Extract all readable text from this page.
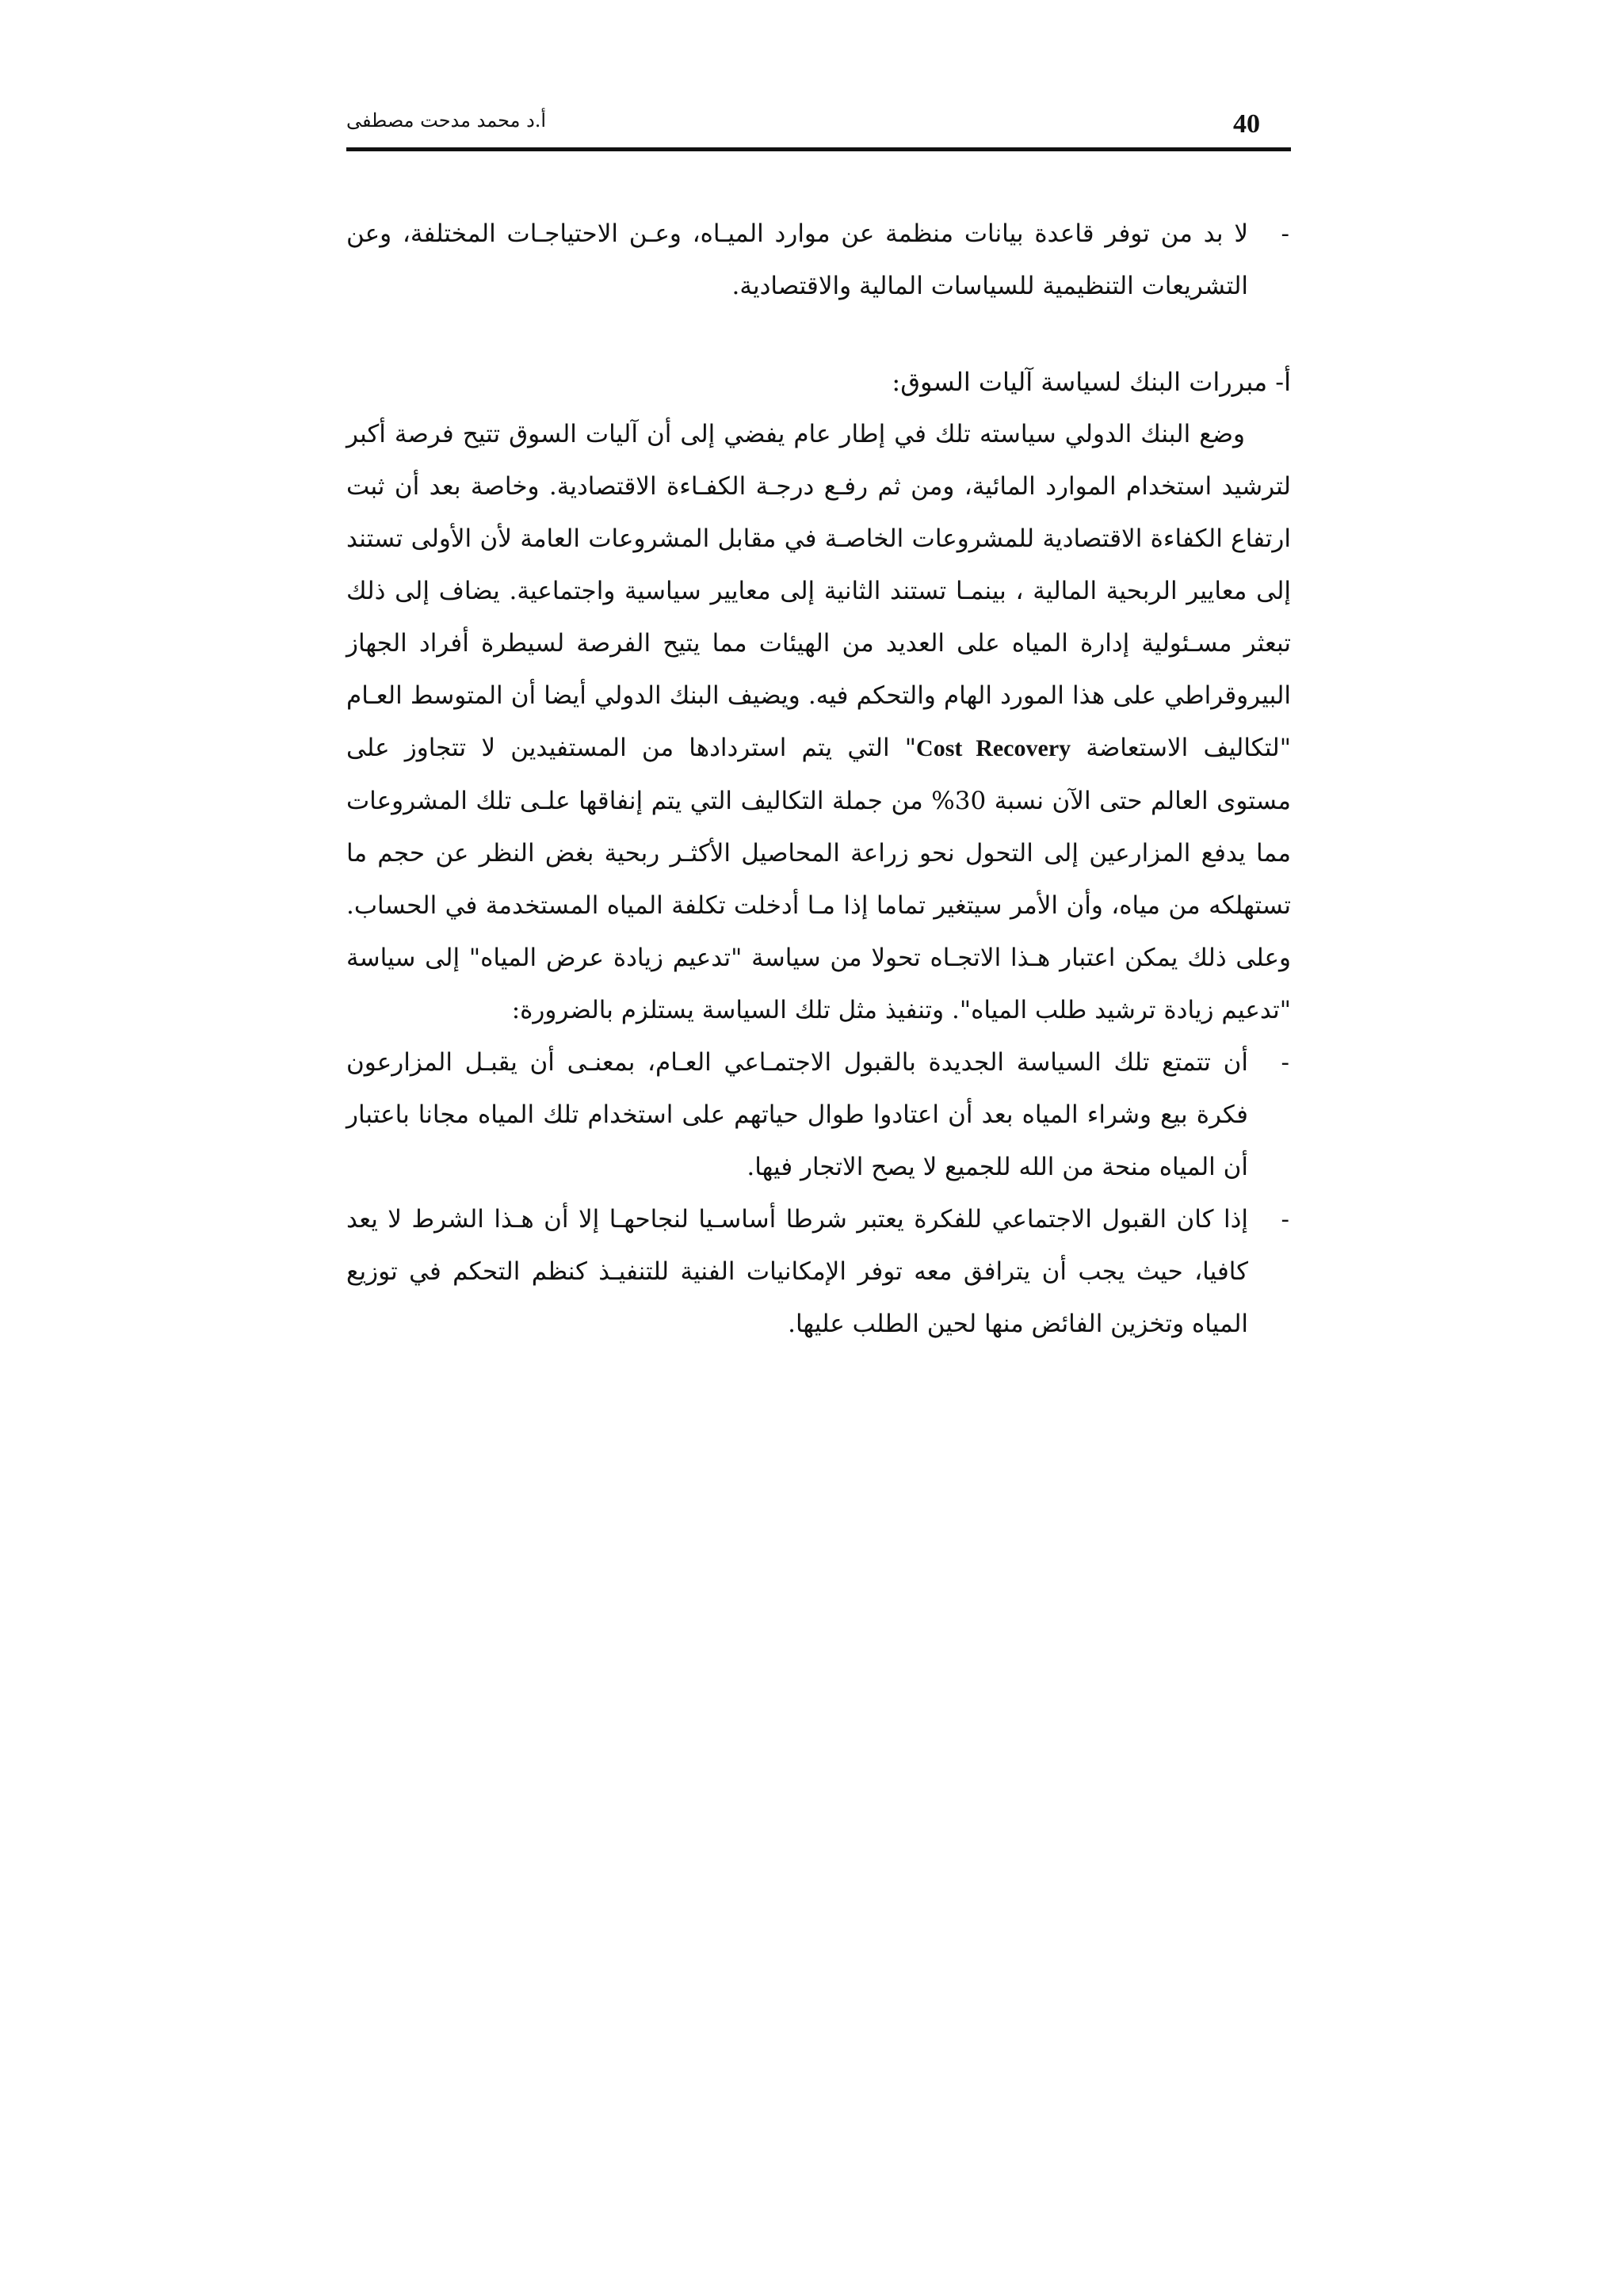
40
أ.د محمد مدحت مصطفى

-
لا بد من توفر قاعدة بيانات منظمة عن موارد الميـاه، وعـن الاحتياجـات المختلفة، وعن التشريعات التنظيمية للسياسات المالية والاقتصادية.

أ- مبررات البنك لسياسة آليات السوق:

وضع البنك الدولي سياسته تلك في إطار عام يفضي إلى أن آليات السوق تتيح فرصة أكبر لترشيد استخدام الموارد المائية، ومن ثم رفـع درجـة الكفـاءة الاقتصادية. وخاصة بعد أن ثبت ارتفاع الكفاءة الاقتصادية للمشروعات الخاصـة في مقابل المشروعات العامة لأن الأولى تستند إلى معايير الربحية المالية ، بينمـا تستند الثانية إلى معايير سياسية واجتماعية. يضاف إلى ذلك تبعثر مسـئولية إدارة المياه على العديد من الهيئات مما يتيح الفرصة لسيطرة أفراد الجهاز البيروقراطي على هذا المورد الهام والتحكم فيه. ويضيف البنك الدولي أيضا أن المتوسط العـام "لتكاليف الاستعاضة Cost Recovery" التي يتم استردادها من المستفيدين لا تتجاوز على مستوى العالم حتى الآن نسبة 30% من جملة التكاليف التي يتم إنفاقها علـى تلك المشروعات مما يدفع المزارعين إلى التحول نحو زراعة المحاصيل الأكثـر ربحية بغض النظر عن حجم ما تستهلكه من مياه، وأن الأمر سيتغير تماما إذا مـا أدخلت تكلفة المياه المستخدمة في الحساب. وعلى ذلك يمكن اعتبار هـذا الاتجـاه تحولا من سياسة "تدعيم زيادة عرض المياه" إلى سياسة "تدعيم زيادة ترشيد طلب المياه". وتنفيذ مثل تلك السياسة يستلزم بالضرورة:

-
أن تتمتع تلك السياسة الجديدة بالقبول الاجتمـاعي العـام، بمعنـى أن يقبـل المزارعون فكرة بيع وشراء المياه بعد أن اعتادوا طوال حياتهم على استخدام تلك المياه مجانا باعتبار أن المياه منحة من الله للجميع لا يصح الاتجار فيها.

-
إذا كان القبول الاجتماعي للفكرة يعتبر شرطا أساسـيا لنجاحهـا إلا أن هـذا الشرط لا يعد كافيا، حيث يجب أن يترافق معه توفر الإمكانيات الفنية للتنفيـذ كنظم التحكم في توزيع المياه وتخزين الفائض منها لحين الطلب عليها.
